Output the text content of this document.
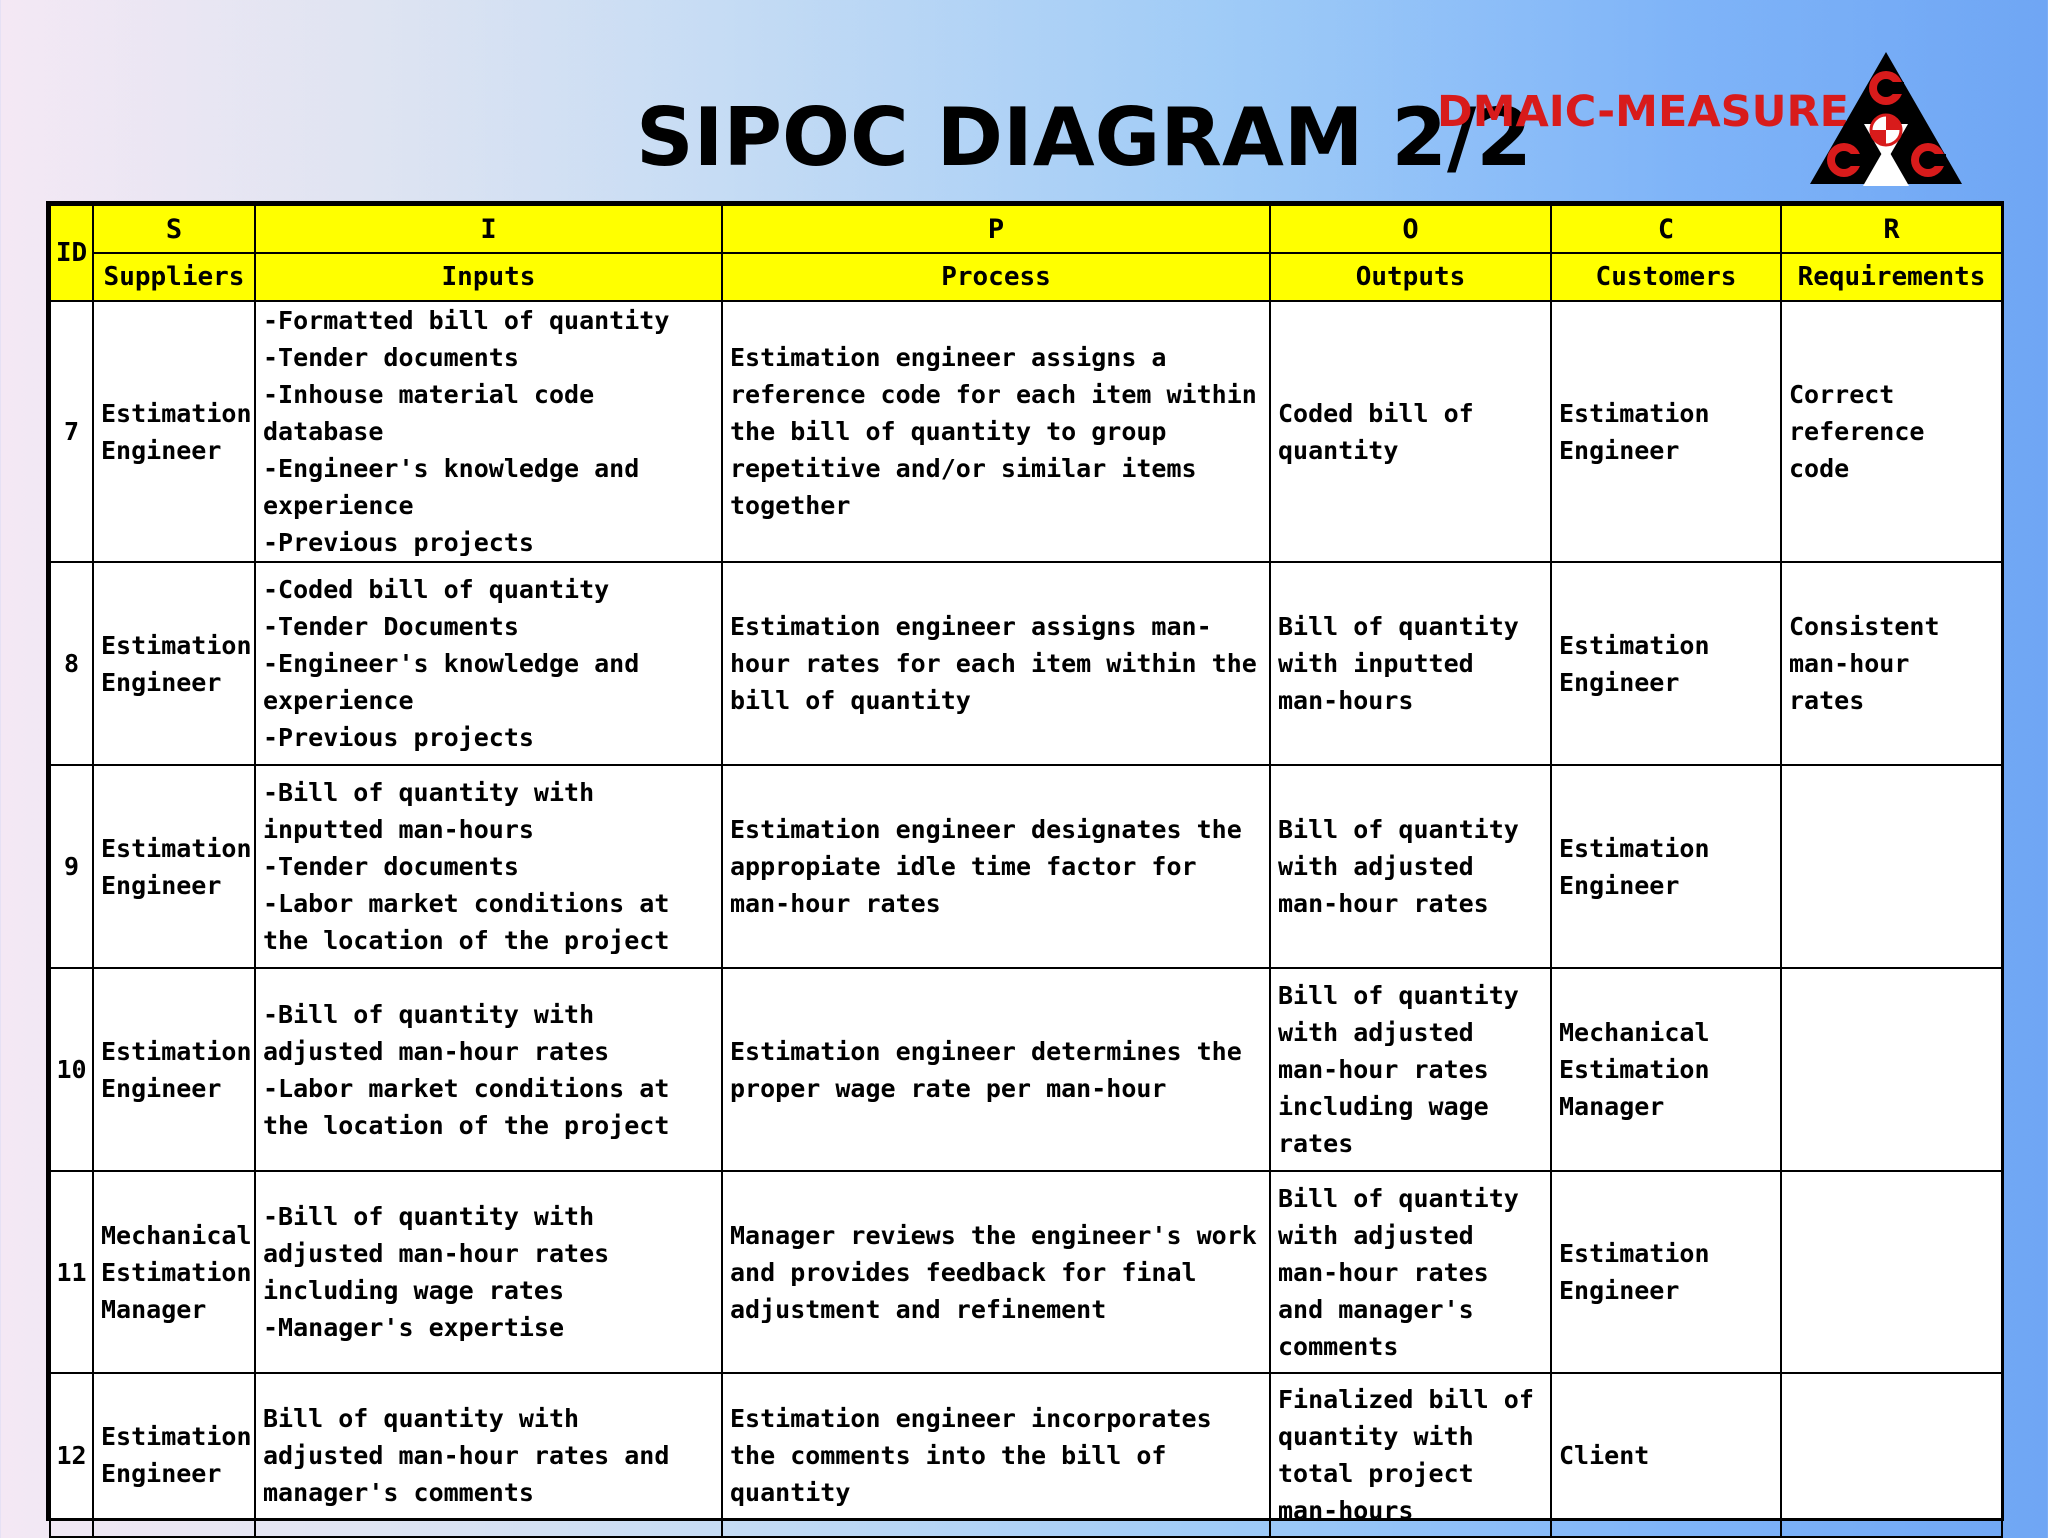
SIPOC DIAGRAM 2/2
DMAIC-MEASURE
ID	S	I	P	O	C	R
	Suppliers	Inputs	Process	Outputs	Customers	Requirements
7	Estimation Engineer	-Formatted bill of quantity
-Tender documents
-Inhouse material code database
-Engineer's knowledge and experience
-Previous projects	Estimation engineer assigns a reference code for each item within the bill of quantity to group repetitive and/or similar items together	Coded bill of quantity	Estimation Engineer	Correct reference code
8	Estimation Engineer	-Coded bill of quantity
-Tender Documents
-Engineer's knowledge and experience
-Previous projects	Estimation engineer assigns man-hour rates for each item within the bill of quantity	Bill of quantity with inputted man-hours	Estimation Engineer	Consistent man-hour rates
9	Estimation Engineer	-Bill of quantity with inputted man-hours
-Tender documents
-Labor market conditions at the location of the project	Estimation engineer designates the appropiate idle time factor for man-hour rates	Bill of quantity with adjusted man-hour rates	Estimation Engineer	
10	Estimation Engineer	-Bill of quantity with adjusted man-hour rates
-Labor market conditions at the location of the project	Estimation engineer determines the proper wage rate per man-hour	Bill of quantity with adjusted man-hour rates including wage rates	Mechanical Estimation Manager	
11	Mechanical Estimation Manager	-Bill of quantity with adjusted man-hour rates including wage rates
-Manager's expertise	Manager reviews the engineer's work and provides feedback for final adjustment and refinement	Bill of quantity with adjusted man-hour rates and manager's comments	Estimation Engineer	
12	Estimation Engineer	Bill of quantity with adjusted man-hour rates and manager's comments	Estimation engineer incorporates the comments into the bill of quantity	Finalized bill of quantity with total project man-hours	Client	
